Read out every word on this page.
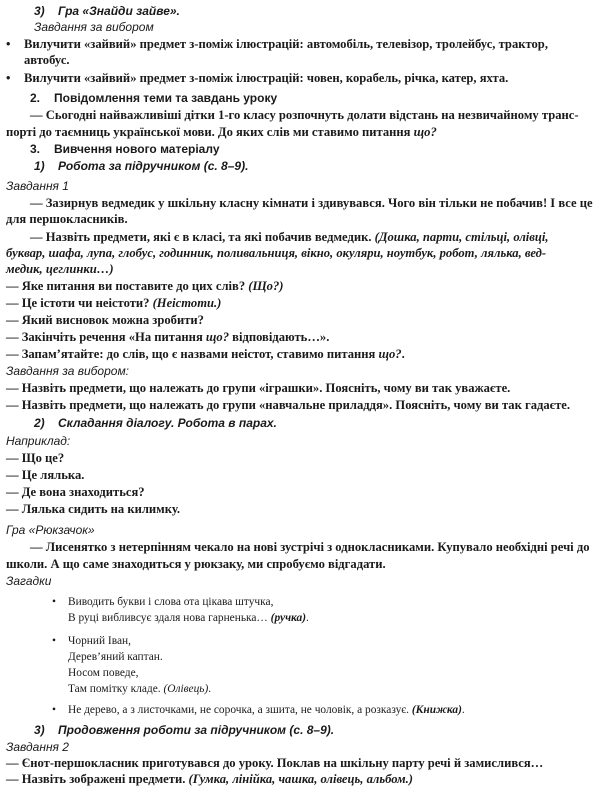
3) Гра «Знайди зайве».
Завдання за вибором
• Вилучити «зайвий» предмет з-поміж ілюстрацій: автомобіль, телевізор, тролейбус, трактор,
автобус.
• Вилучити «зайвий» предмет з-поміж ілюстрацій: човен, корабель, річка, катер, яхта.
2. Повідомлення теми та завдань уроку
— Сьогодні найважливіші дітки 1-го класу розпочнуть долати відстань на незвичайному транс-
порті до таємниць української мови. До яких слів ми ставимо питання що?
3. Вивчення нового матеріалу
1) Робота за підручником (с. 8–9).
Завдання 1
— Зазирнув ведмедик у шкільну класну кімнати і здивувався. Чого він тільки не побачив! І все це
для першокласників.
— Назвіть предмети, які є в класі, та які побачив ведмедик. (Дошка, парти, стільці, олівці,
буквар, шафа, лупа, глобус, годинник, поливальниця, вікно, окуляри, ноутбук, робот, лялька, вед-
медик, цеглинки…)
— Яке питання ви поставите до цих слів? (Що?)
— Це істоти чи неістоти? (Неістоти.)
— Який висновок можна зробити?
— Закінчіть речення «На питання що? відповідають…».
— Запам’ятайте: до слів, що є назвами неістот, ставимо питання що?.
Завдання за вибором:
— Назвіть предмети, що належать до групи «іграшки». Поясніть, чому ви так уважаєте.
— Назвіть предмети, що належать до групи «навчальне приладдя». Поясніть, чому ви так гадаєте.
2) Складання діалогу. Робота в парах.
Наприклад:
— Що це?
— Це лялька.
— Де вона знаходиться?
— Лялька сидить на килимку.
Гра «Рюкзачок»
— Лисенятко з нетерпінням чекало на нові зустрічі з однокласниками. Купувало необхідні речі до
школи. А що саме знаходиться у рюкзаку, ми спробуємо відгадати.
Загадки
• Виводить букви і слова ота цікава штучка,
В руці вибливсує здаля нова гарненька… (ручка).
• Чорний Іван,
Дерев’яний каптан.
Носом поведе,
Там помітку кладе. (Олівець).
• Не дерево, а з листочками, не сорочка, а зшита, не чоловік, а розказує. (Книжка).
3) Продовження роботи за підручником (с. 8–9).
Завдання 2
— Єнот-першокласник приготувався до уроку. Поклав на шкільну парту речі й замислився…
— Назвіть зображені предмети. (Гумка, лінійка, чашка, олівець, альбом.)
